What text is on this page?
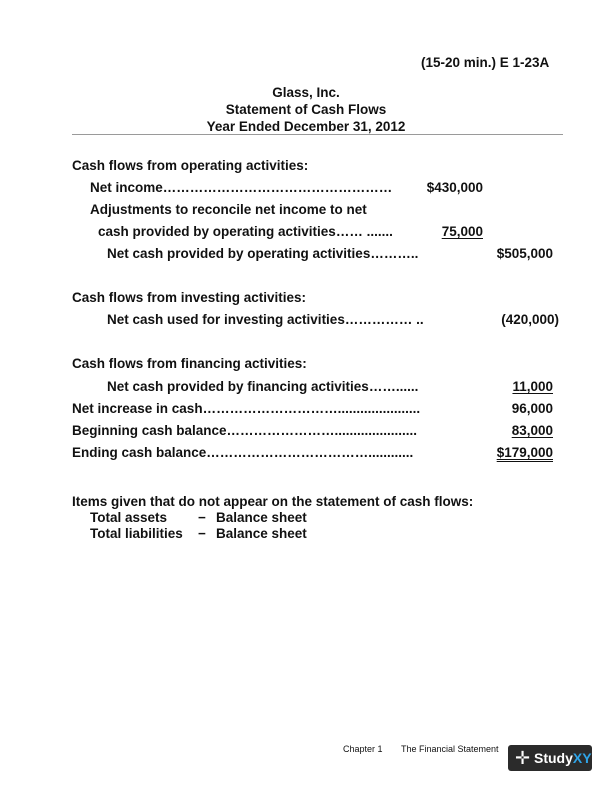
(15-20 min.) E 1-23A
Glass, Inc.
Statement of Cash Flows
Year Ended December 31, 2012
Cash flows from operating activities:
Net income……………………………………………	$430,000
Adjustments to reconcile net income to net
cash provided by operating activities…… .......	75,000
Net cash provided by operating activities………..	$505,000
Cash flows from investing activities:
Net cash used for investing activities…………… ..	(420,000)
Cash flows from financing activities:
Net cash provided by financing activities……......	11,000
Net increase in cash…………………………......................	96,000
Beginning cash balance……………………......................	83,000
Ending cash balance………………………………............	$179,000
Items given that do not appear on the statement of cash flows:
Total assets − Balance sheet
Total liabilities − Balance sheet
Chapter 1 The Financial Statement ✛ StudyXY
